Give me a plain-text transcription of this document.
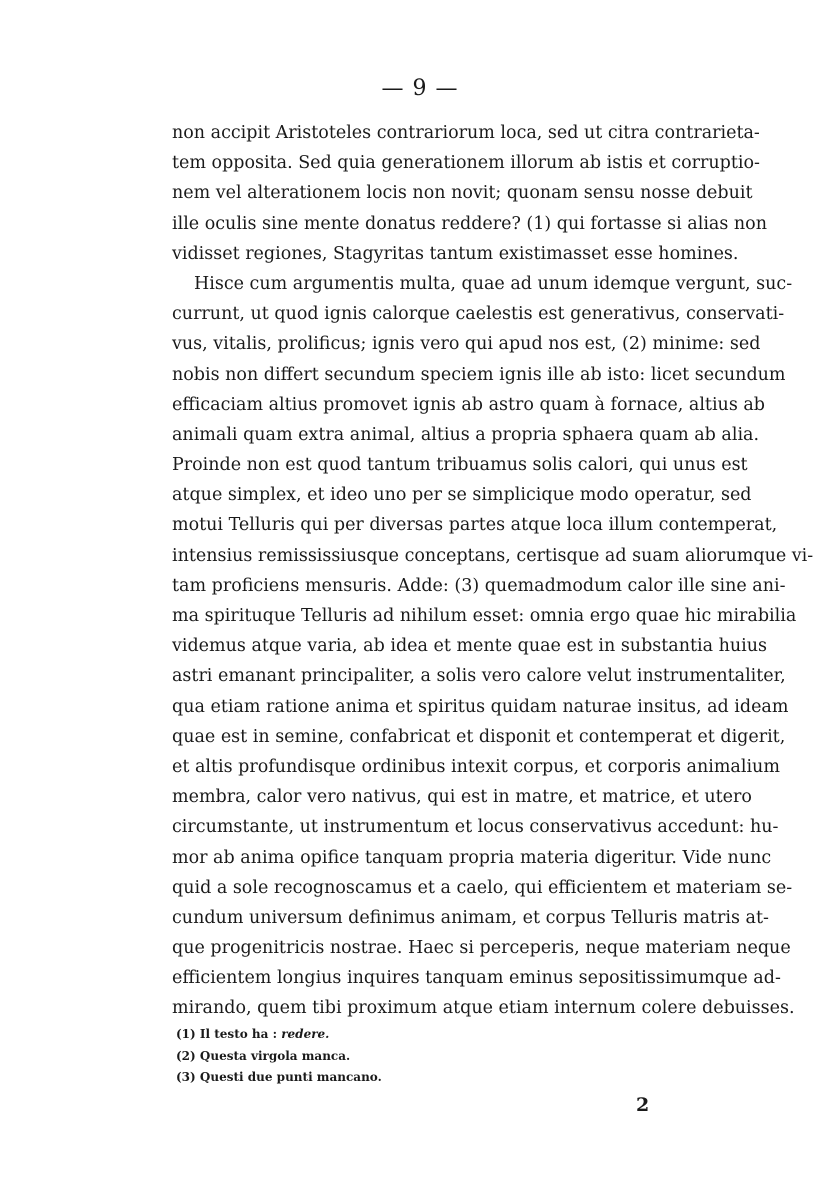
— 9 —
non accipit Aristoteles contrariorum loca, sed ut citra contrarieta-
tem opposita. Sed quia generationem illorum ab istis et corruptio-
nem vel alterationem locis non novit; quonam sensu nosse debuit
ille oculis sine mente donatus reddere? (1) qui fortasse si alias non
vidisset regiones, Stagyritas tantum existimasset esse homines.
Hisce cum argumentis multa, quae ad unum idemque vergunt, suc-
currunt, ut quod ignis calorque caelestis est generativus, conservati-
vus, vitalis, prolificus; ignis vero qui apud nos est, (2) minime: sed
nobis non differt secundum speciem ignis ille ab isto: licet secundum
efficaciam altius promovet ignis ab astro quam à fornace, altius ab
animali quam extra animal, altius a propria sphaera quam ab alia.
Proinde non est quod tantum tribuamus solis calori, qui unus est
atque simplex, et ideo uno per se simplicique modo operatur, sed
motui Telluris qui per diversas partes atque loca illum contemperat,
intensius remississiusque conceptans, certisque ad suam aliorumque vi-
tam proficiens mensuris. Adde: (3) quemadmodum calor ille sine ani-
ma spirituque Telluris ad nihilum esset: omnia ergo quae hic mirabilia
videmus atque varia, ab idea et mente quae est in substantia huius
astri emanant principaliter, a solis vero calore velut instrumentaliter,
qua etiam ratione anima et spiritus quidam naturae insitus, ad ideam
quae est in semine, confabricat et disponit et contemperat et digerit,
et altis profundisque ordinibus intexit corpus, et corporis animalium
membra, calor vero nativus, qui est in matre, et matrice, et utero
circumstante, ut instrumentum et locus conservativus accedunt: hu-
mor ab anima opifice tanquam propria materia digeritur. Vide nunc
quid a sole recognoscamus et a caelo, qui efficientem et materiam se-
cundum universum definimus animam, et corpus Telluris matris at-
que progenitricis nostrae. Haec si perceperis, neque materiam neque
efficientem longius inquires tanquam eminus sepositissimumque ad-
mirando, quem tibi proximum atque etiam internum colere debuisses.
(1) Il testo ha : redere.
(2) Questa virgola manca.
(3) Questi due punti mancano.
2
